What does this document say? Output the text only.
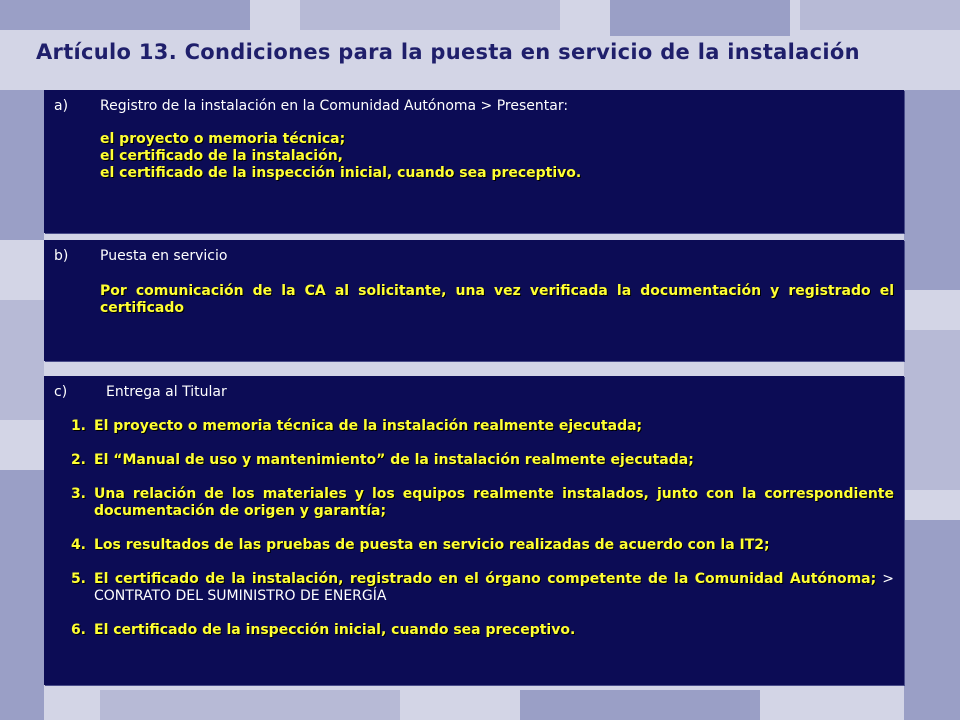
Artículo 13. Condiciones para la puesta en servicio de la instalación
a)	Registro de la instalación en la Comunidad Autónoma > Presentar:
el proyecto o memoria técnica;
el certificado de la instalación,
el certificado de la inspección inicial, cuando sea preceptivo.
b)	Puesta en servicio
Por comunicación de la CA al solicitante, una vez verificada la documentación y registrado el certificado
c)	Entrega al Titular
1. El proyecto o memoria técnica de la instalación realmente ejecutada;
2. El “Manual de uso y mantenimiento” de la instalación realmente ejecutada;
3. Una relación de los materiales y los equipos realmente instalados, junto con la correspondiente documentación de origen y garantía;
4. Los resultados de las pruebas de puesta en servicio realizadas de acuerdo con la IT2;
5. El certificado de la instalación, registrado en el órgano competente de la Comunidad Autónoma; > CONTRATO DEL SUMINISTRO DE ENERGÍA
6. El certificado de la inspección inicial, cuando sea preceptivo.
